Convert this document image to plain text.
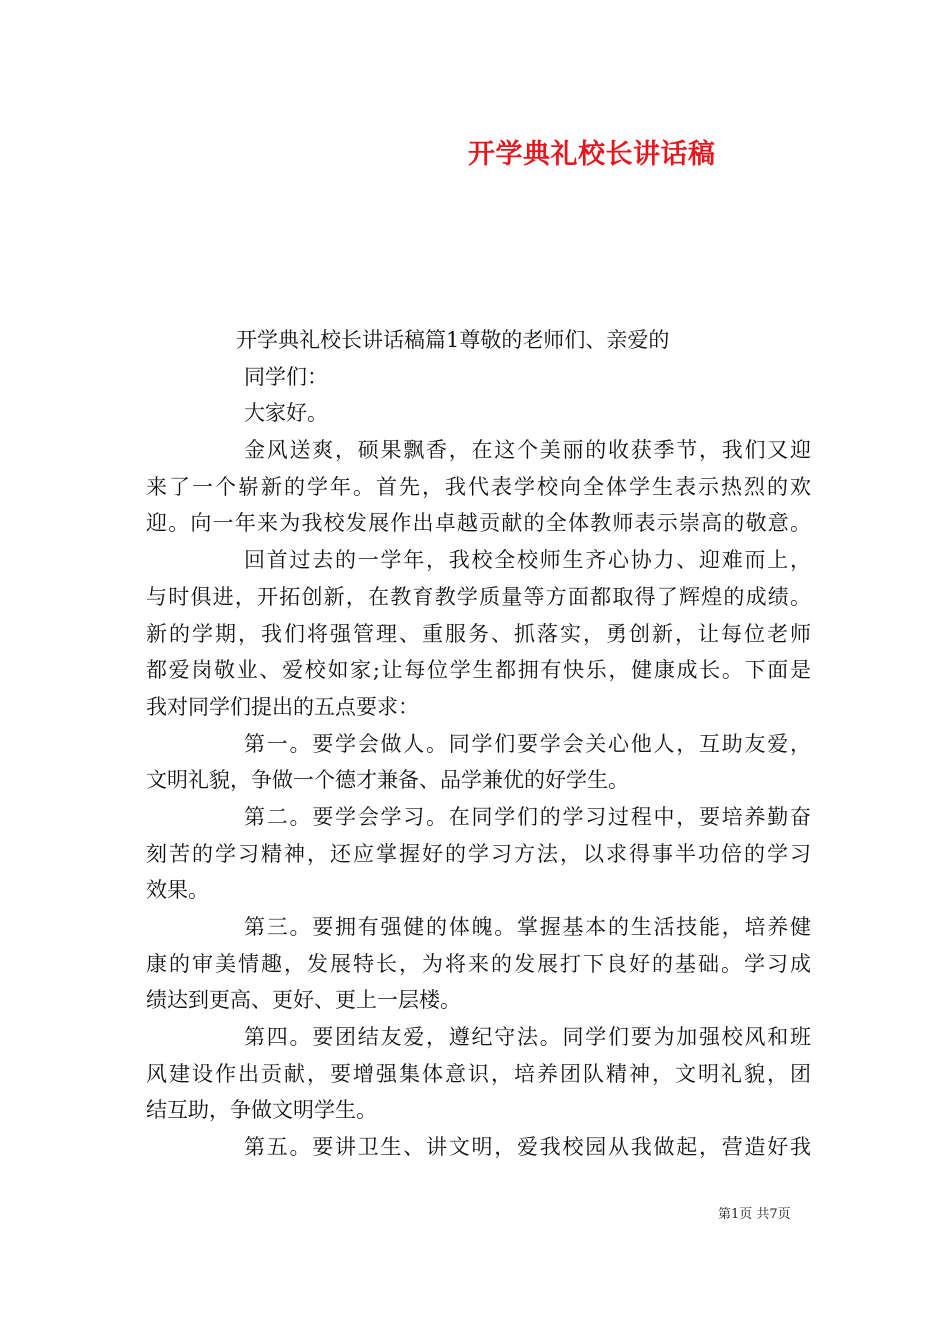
开学典礼校长讲话稿
开学典礼校长讲话稿篇1尊敬的老师们、亲爱的
同学们：
大家好。
金风送爽，硕果飘香，在这个美丽的收获季节，我们又迎
来了一个崭新的学年。首先，我代表学校向全体学生表示热烈的欢
迎。向一年来为我校发展作出卓越贡献的全体教师表示崇高的敬意。
回首过去的一学年，我校全校师生齐心协力、迎难而上，
与时俱进，开拓创新，在教育教学质量等方面都取得了辉煌的成绩。
新的学期，我们将强管理、重服务、抓落实，勇创新，让每位老师
都爱岗敬业、爱校如家;让每位学生都拥有快乐，健康成长。下面是
我对同学们提出的五点要求：
第一。要学会做人。同学们要学会关心他人，互助友爱，
文明礼貌，争做一个德才兼备、品学兼优的好学生。
第二。要学会学习。在同学们的学习过程中，要培养勤奋
刻苦的学习精神，还应掌握好的学习方法，以求得事半功倍的学习
效果。
第三。要拥有强健的体魄。掌握基本的生活技能，培养健
康的审美情趣，发展特长，为将来的发展打下良好的基础。学习成
绩达到更高、更好、更上一层楼。
第四。要团结友爱，遵纪守法。同学们要为加强校风和班
风建设作出贡献，要增强集体意识，培养团队精神，文明礼貌，团
结互助，争做文明学生。
第五。要讲卫生、讲文明，爱我校园从我做起，营造好我
第1页 共7页
